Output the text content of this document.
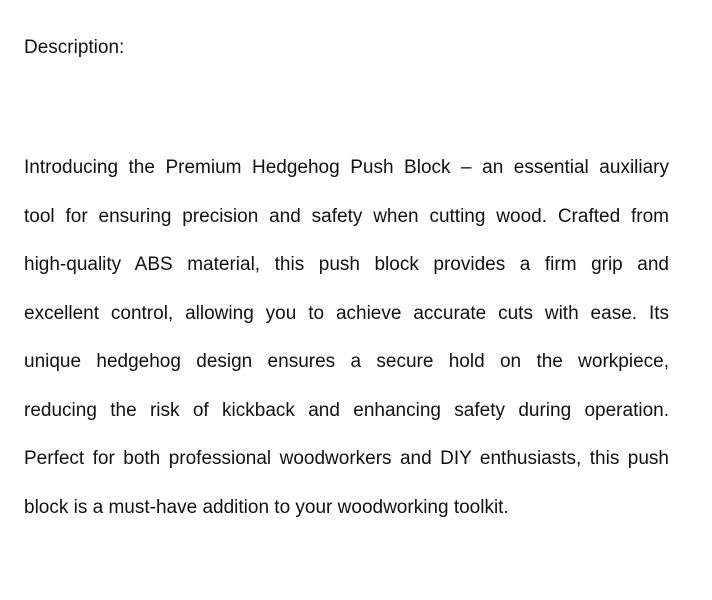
Description:
Introducing the Premium Hedgehog Push Block – an essential auxiliary
tool for ensuring precision and safety when cutting wood. Crafted from
high-quality ABS material, this push block provides a firm grip and
excellent control, allowing you to achieve accurate cuts with ease. Its
unique hedgehog design ensures a secure hold on the workpiece,
reducing the risk of kickback and enhancing safety during operation.
Perfect for both professional woodworkers and DIY enthusiasts, this push
block is a must-have addition to your woodworking toolkit.
